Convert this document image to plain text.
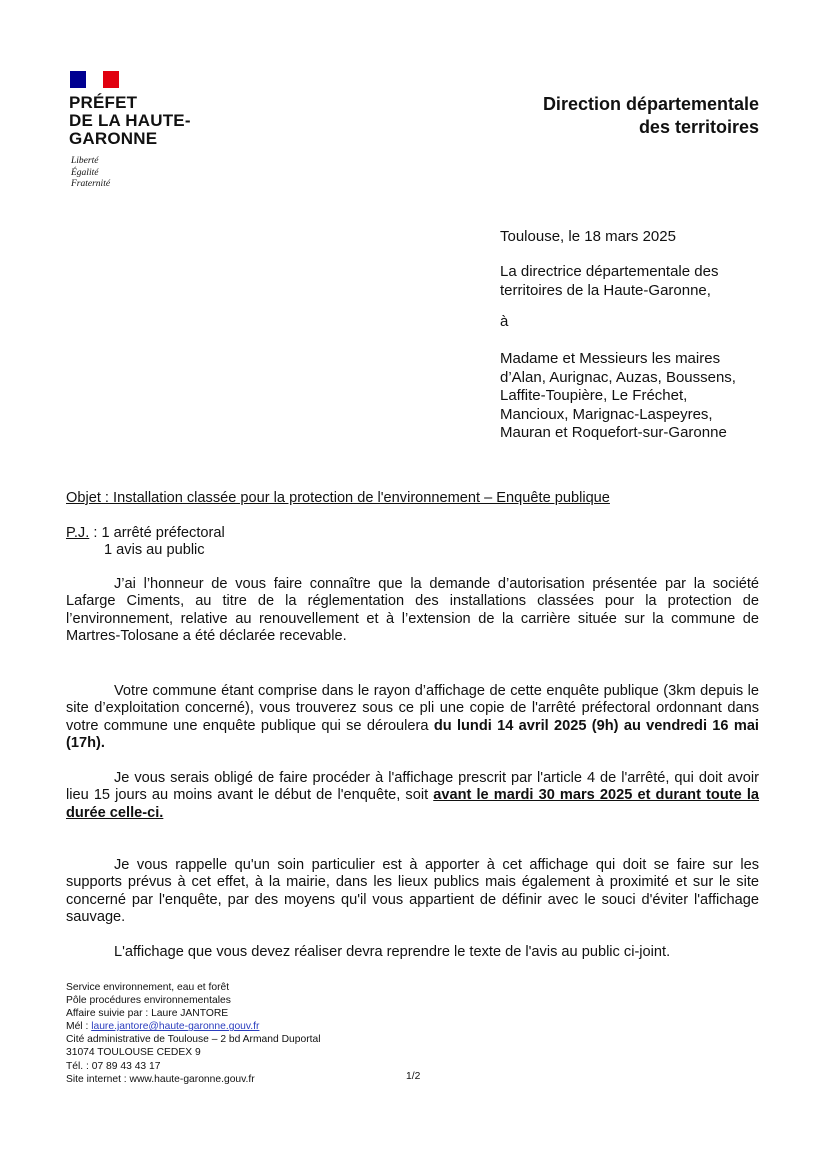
PRÉFET
DE LA HAUTE-
GARONNE
Liberté
Égalité
Fraternité
Direction départementale
des territoires
Toulouse, le 18 mars 2025
La directrice départementale des
territoires de la Haute-Garonne,
à
Madame et Messieurs les maires
d’Alan, Aurignac, Auzas, Boussens,
Laffite-Toupière, Le Fréchet,
Mancioux, Marignac-Laspeyres,
Mauran et Roquefort-sur-Garonne
Objet : Installation classée pour la protection de l'environnement – Enquête publique
P.J. : 1 arrêté préfectoral
1 avis au public
J’ai l’honneur de vous faire connaître que la demande d’autorisation présentée par la société Lafarge Ciments, au titre de la réglementation des installations classées pour la protection de l’environnement, relative au renouvellement et à l’extension de la carrière située sur la commune de Martres-Tolosane a été déclarée recevable.
Votre commune étant comprise dans le rayon d’affichage de cette enquête publique (3km depuis le site d’exploitation concerné), vous trouverez sous ce pli une copie de l'arrêté préfectoral ordonnant dans votre commune une enquête publique qui se déroulera du lundi 14 avril 2025 (9h) au vendredi 16 mai (17h).
Je vous serais obligé de faire procéder à l'affichage prescrit par l'article 4 de l'arrêté, qui doit avoir lieu 15 jours au moins avant le début de l'enquête, soit avant le mardi 30 mars 2025 et durant toute la durée celle-ci.
Je vous rappelle qu'un soin particulier est à apporter à cet affichage qui doit se faire sur les supports prévus à cet effet, à la mairie, dans les lieux publics mais également à proximité et sur le site concerné par l'enquête, par des moyens qu'il vous appartient de définir avec le souci d'éviter l'affichage sauvage.
L'affichage que vous devez réaliser devra reprendre le texte de l'avis au public ci-joint.
Service environnement, eau et forêt
Pôle procédures environnementales
Affaire suivie par : Laure JANTORE
Mél : laure.jantore@haute-garonne.gouv.fr
Cité administrative de Toulouse – 2 bd Armand Duportal
31074 TOULOUSE CEDEX 9
Tél. : 07 89 43 43 17
Site internet : www.haute-garonne.gouv.fr	1/2
